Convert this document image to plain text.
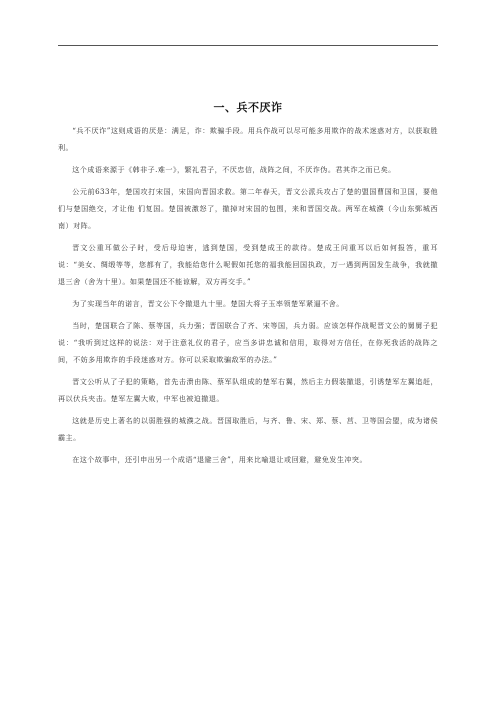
一、兵不厌诈

“兵不厌诈”这则成语的厌是：满足，诈：欺骗手段。用兵作战可以尽可能多用欺诈的战术迷惑对方，以获取胜利。

这个成语来源于《韩非子.难一》，繁礼君子，不厌忠信，战阵之间，不厌诈伪。君其诈之而已矣。

公元前633年，楚国攻打宋国，宋国向晋国求救。第二年春天，晋文公派兵攻占了楚的盟国曹国和卫国，要他们与楚国绝交，才让他 们复国。楚国被激怒了，撤掉对宋国的包围，来和晋国交战。两军在城濮（今山东鄄城西南）对阵。

晋文公重耳做公子时，受后母迫害，逃到楚国，受到楚成王的款待。楚成王问重耳以后如何报答，重耳说：“美女、绸缎等等，您都有了，我能给您什么呢假如托您的福我能回国执政，万一遇到两国发生战争，我就撤退三舍（舍为十里）。如果楚国还不能谅解，双方再交手。”

为了实现当年的诺言，晋文公下令撤退九十里。楚国大将子玉率领楚军紧逼不舍。

当时，楚国联合了陈、蔡等国，兵力强；晋国联合了齐、宋等国，兵力弱。应该怎样作战呢晋文公的舅舅子犯说：“我听到过这样的说法：对于注意礼仪的君子，应当多讲忠诚和信用，取得对方信任，在你死我活的战阵之间，不妨多用欺诈的手段迷惑对方。你可以采取欺骗敌军的办法。”

晋文公听从了子犯的策略，首先击溃由陈、蔡军队组成的楚军右翼，然后主力假装撤退，引诱楚军左翼追赶，再以伏兵夹击。楚军左翼大败，中军也被迫撤退。

这就是历史上著名的以弱胜强的城濮之战。晋国取胜后，与齐、鲁、宋、郑、蔡、莒、卫等国会盟，成为诸侯霸主。

在这个故事中，还引申出另一个成语“退避三舍”，用来比喻退让或回避，避免发生冲突。
